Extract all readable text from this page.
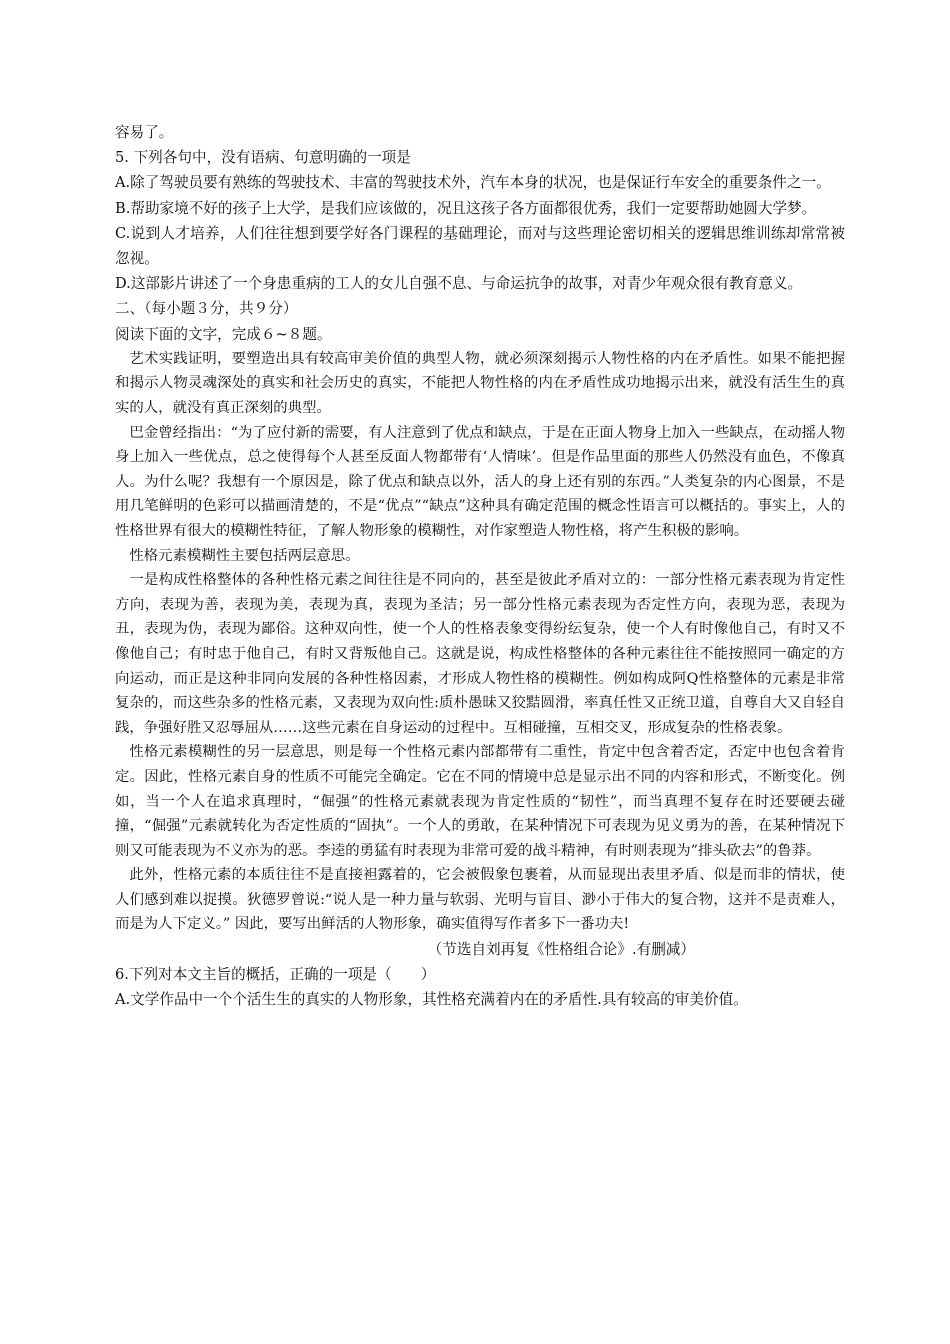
容易了。

5. 下列各句中，没有语病、句意明确的一项是

A.除了驾驶员要有熟练的驾驶技术、丰富的驾驶技术外，汽车本身的状况，也是保证行车安全的重要条件之一。

B.帮助家境不好的孩子上大学，是我们应该做的，况且这孩子各方面都很优秀，我们一定要帮助她圆大学梦。

C.说到人才培养，人们往往想到要学好各门课程的基础理论，而对与这些理论密切相关的逻辑思维训练却常常被忽视。

D.这部影片讲述了一个身患重病的工人的女儿自强不息、与命运抗争的故事，对青少年观众很有教育意义。

二、（每小题３分，共９分）

阅读下面的文字，完成６~８题。

艺术实践证明，要塑造出具有较高审美价值的典型人物，就必须深刻揭示人物性格的内在矛盾性。如果不能把握和揭示人物灵魂深处的真实和社会历史的真实，不能把人物性格的内在矛盾性成功地揭示出来，就没有活生生的真实的人，就没有真正深刻的典型。

巴金曾经指出：“为了应付新的需要，有人注意到了优点和缺点，于是在正面人物身上加入一些缺点，在动摇人物身上加入一些优点，总之使得每个人甚至反面人物都带有‘人情味’。但是作品里面的那些人仍然没有血色，不像真人。为什么呢？我想有一个原因是，除了优点和缺点以外，活人的身上还有别的东西。”人类复杂的内心图景，不是用几笔鲜明的色彩可以描画清楚的，不是“优点”“缺点”这种具有确定范围的概念性语言可以概括的。事实上，人的性格世界有很大的模糊性特征，了解人物形象的模糊性，对作家塑造人物性格，将产生积极的影响。

性格元素模糊性主要包括两层意思。

一是构成性格整体的各种性格元素之间往往是不同向的，甚至是彼此矛盾对立的：一部分性格元素表现为肯定性方向，表现为善，表现为美，表现为真，表现为圣洁；另一部分性格元素表现为否定性方向，表现为恶，表现为丑，表现为伪，表现为鄙俗。这种双向性，使一个人的性格表象变得纷纭复杂，使一个人有时像他自己，有时又不像他自己；有时忠于他自己，有时又背叛他自己。这就是说，构成性格整体的各种元素往往不能按照同一确定的方向运动，而正是这种非同向发展的各种性格因素，才形成人物性格的模糊性。例如构成阿Q性格整体的元素是非常复杂的，而这些杂多的性格元素，又表现为双向性:质朴愚昧又狡黠圆滑，率真任性又正统卫道，自尊自大又自轻自践，争强好胜又忍辱屈从……这些元素在自身运动的过程中。互相碰撞，互相交叉，形成复杂的性格表象。

性格元素模糊性的另一层意思，则是每一个性格元素内部都带有二重性，肯定中包含着否定，否定中也包含着肯定。因此，性格元素自身的性质不可能完全确定。它在不同的情境中总是显示出不同的内容和形式，不断变化。例如，当一个人在追求真理时，“倔强”的性格元素就表现为肯定性质的“韧性”，而当真理不复存在时还要硬去碰撞，“倔强”元素就转化为否定性质的“固执”。一个人的勇敢，在某种情况下可表现为见义勇为的善，在某种情况下则又可能表现为不义亦为的恶。李逵的勇猛有时表现为非常可爱的战斗精神，有时则表现为”排头砍去”的鲁莽。

此外，性格元素的本质往往不是直接袒露着的，它会被假象包裹着，从而显现出表里矛盾、似是而非的情状，使人们感到难以捉摸。狄德罗曾说:“说人是一种力量与软弱、光明与盲目、渺小于伟大的复合物，这并不是责难人，而是为人下定义。” 因此，要写出鲜活的人物形象，确实值得写作者多下一番功夫!

（节选自刘再复《性格组合论》.有删减）

6.下列对本文主旨的概括，正确的一项是（　　）

A.文学作品中一个个活生生的真实的人物形象，其性格充满着内在的矛盾性.具有较高的审美价值。
